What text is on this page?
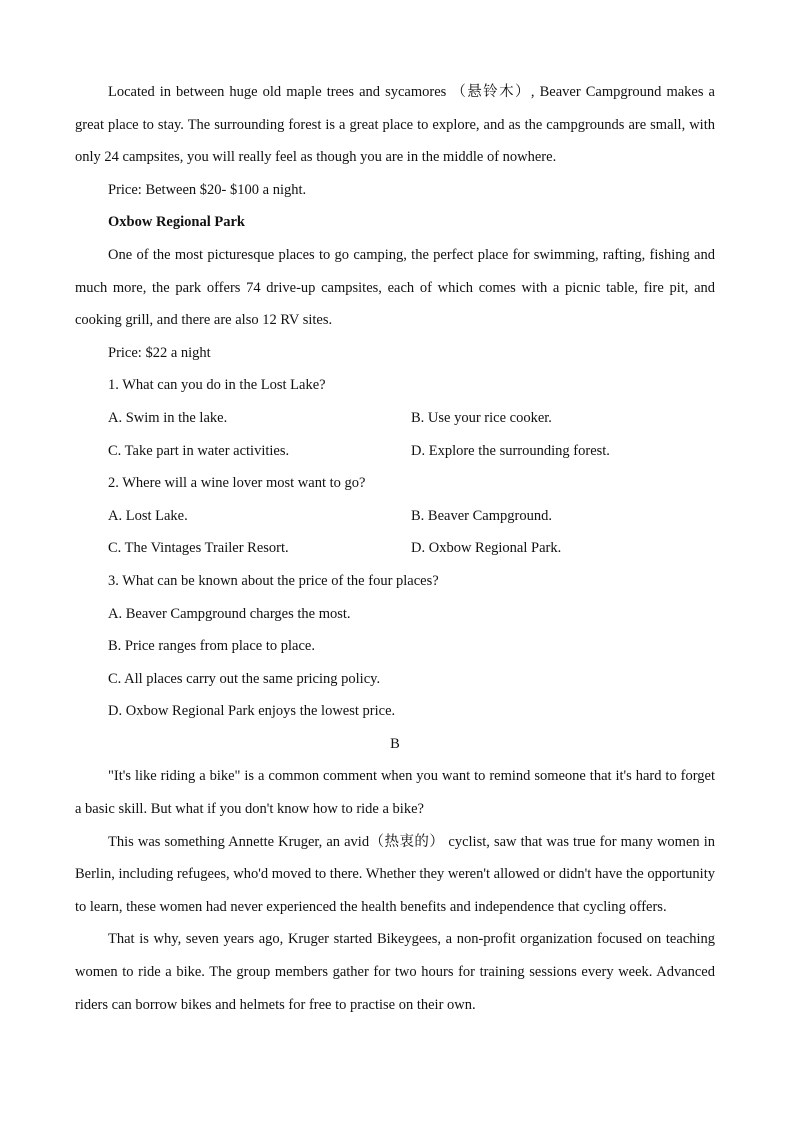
Located in between huge old maple trees and sycamores （悬铃木）, Beaver Campground makes a great place to stay. The surrounding forest is a great place to explore, and as the campgrounds are small, with only 24 campsites, you will really feel as though you are in the middle of nowhere.

Price: Between $20- $100 a night.

Oxbow Regional Park

One of the most picturesque places to go camping, the perfect place for swimming, rafting, fishing and much more, the park offers 74 drive-up campsites, each of which comes with a picnic table, fire pit, and cooking grill, and there are also 12 RV sites.

Price: $22 a night

1. What can you do in the Lost Lake?

A. Swim in the lake.	B. Use your rice cooker.
C. Take part in water activities.	D. Explore the surrounding forest.

2. Where will a wine lover most want to go?

A. Lost Lake.	B. Beaver Campground.
C. The Vintages Trailer Resort.	D. Oxbow Regional Park.

3. What can be known about the price of the four places?

A. Beaver Campground charges the most.

B. Price ranges from place to place.

C. All places carry out the same pricing policy.

D. Oxbow Regional Park enjoys the lowest price.

B

"It's like riding a bike" is a common comment when you want to remind someone that it's hard to forget a basic skill. But what if you don't know how to ride a bike?

This was something Annette Kruger, an avid（热衷的） cyclist, saw that was true for many women in Berlin, including refugees, who'd moved to there. Whether they weren't allowed or didn't have the opportunity to learn, these women had never experienced the health benefits and independence that cycling offers.

That is why, seven years ago, Kruger started Bikeygees, a non-profit organization focused on teaching women to ride a bike. The group members gather for two hours for training sessions every week. Advanced riders can borrow bikes and helmets for free to practise on their own.
